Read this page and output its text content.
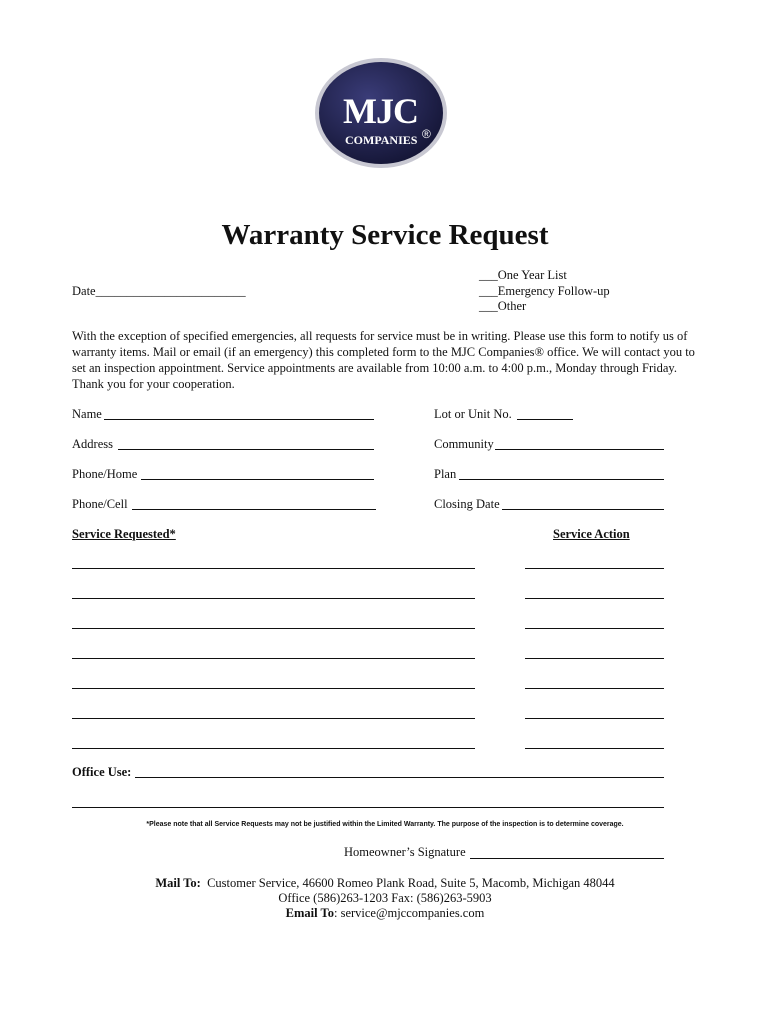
MJC
COMPANIES ®
Warranty Service Request
___One Year List
___Emergency Follow-up
___Other
Date________________________

With the exception of specified emergencies, all requests for service must be in writing. Please use this form to notify us of warranty items. Mail or email (if an emergency) this completed form to the MJC Companies® office. We will contact you to set an inspection appointment. Service appointments are available from 10:00 a.m. to 4:00 p.m., Monday through Friday.

Thank you for your cooperation.

Name	Lot or Unit No.
Address	Community
Phone/Home	Plan
Phone/Cell	Closing Date
Service Requested*	Service Action
Office Use:
*Please note that all Service Requests may not be justified within the Limited Warranty. The purpose of the inspection is to determine coverage.
Homeowner’s Signature
Mail To: Customer Service, 46600 Romeo Plank Road, Suite 5, Macomb, Michigan 48044
Office (586)263-1203 Fax: (586)263-5903
Email To: service@mjccompanies.com
